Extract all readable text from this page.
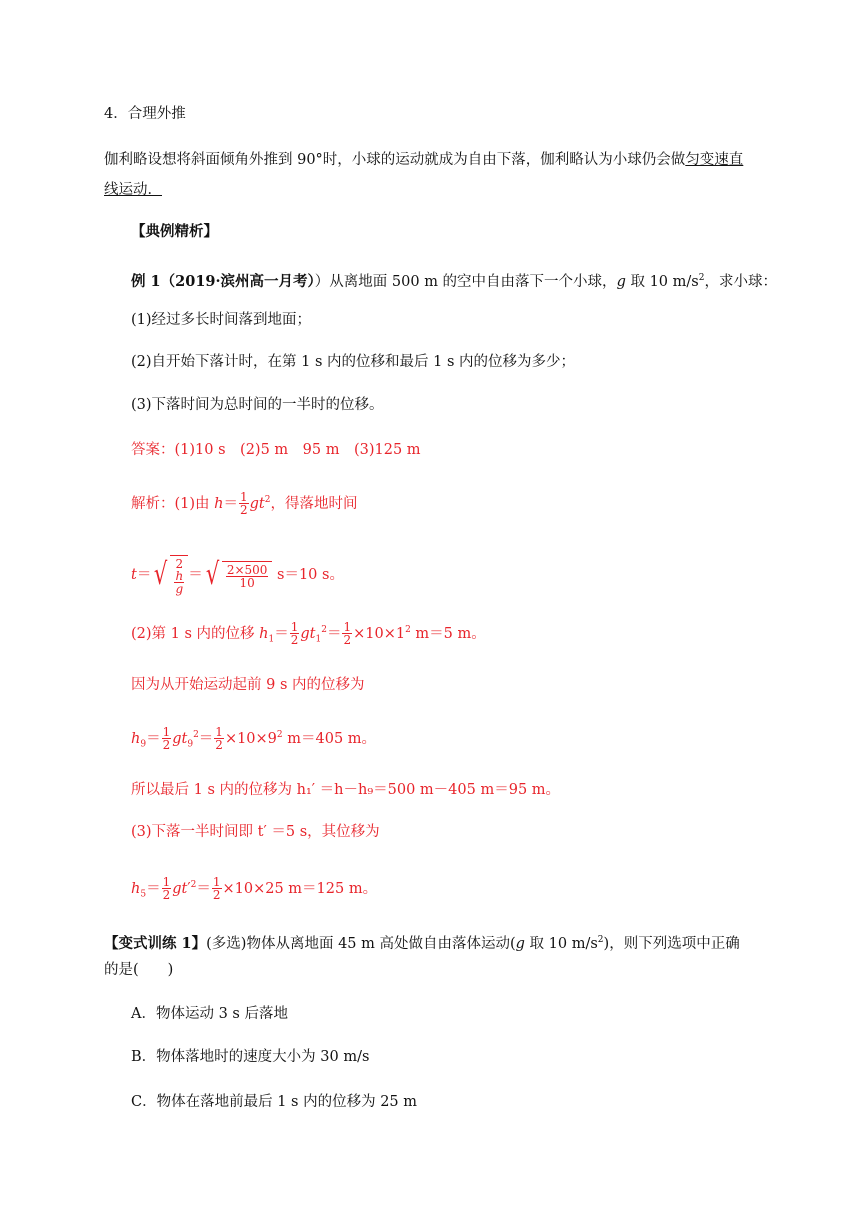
4．合理外推
伽利略设想将斜面倾角外推到 90°时，小球的运动就成为自由下落，伽利略认为小球仍会做匀变速直
线运动．
【典例精析】
例 1（2019·滨州高一月考））从离地面 500 m 的空中自由落下一个小球，g 取 10 $m/s^2$，求小球：
(1)经过多长时间落到地面；
(2)自开始下落计时，在第 1 s 内的位移和最后 1 s 内的位移为多少；
(3)下落时间为总时间的一半时的位移。
答案：(1)10 s　(2)5 m　95 m　(3)125 m
解析：(1)由 $h= \frac{1}{2} gt^2$，得落地时间
t＝√ 2
h
g ＝√ $\frac{2\times 500}{10} s=10$ s。
(2)第 1 s 内的位移 $h_1= \frac{1}{2} gt_1^2= \frac{1}{2} \times 10\times 1^2$ m＝5 m。
因为从开始运动起前 9 s 内的位移为
$h_9= \frac{1}{2} gt_9^2= \frac{1}{2} \times 10\times 9^2$ m＝405 m。
所以最后 1 s 内的位移为 h₁′ ＝h－h₉＝500 m－405 m＝95 m。
(3)下落一半时间即 t′ ＝5 s，其位移为
$h_5= \frac{1}{2} gt'^2= \frac{1}{2} \times 10\times 25$ m＝125 m。
【变式训练 1】(多选)物体从离地面 45 m 高处做自由落体运动(g 取 10 $m/s^2$)，则下列选项中正确
的是(　　)
A．物体运动 3 s 后落地
B．物体落地时的速度大小为 30 m/s
C．物体在落地前最后 1 s 内的位移为 25 m
